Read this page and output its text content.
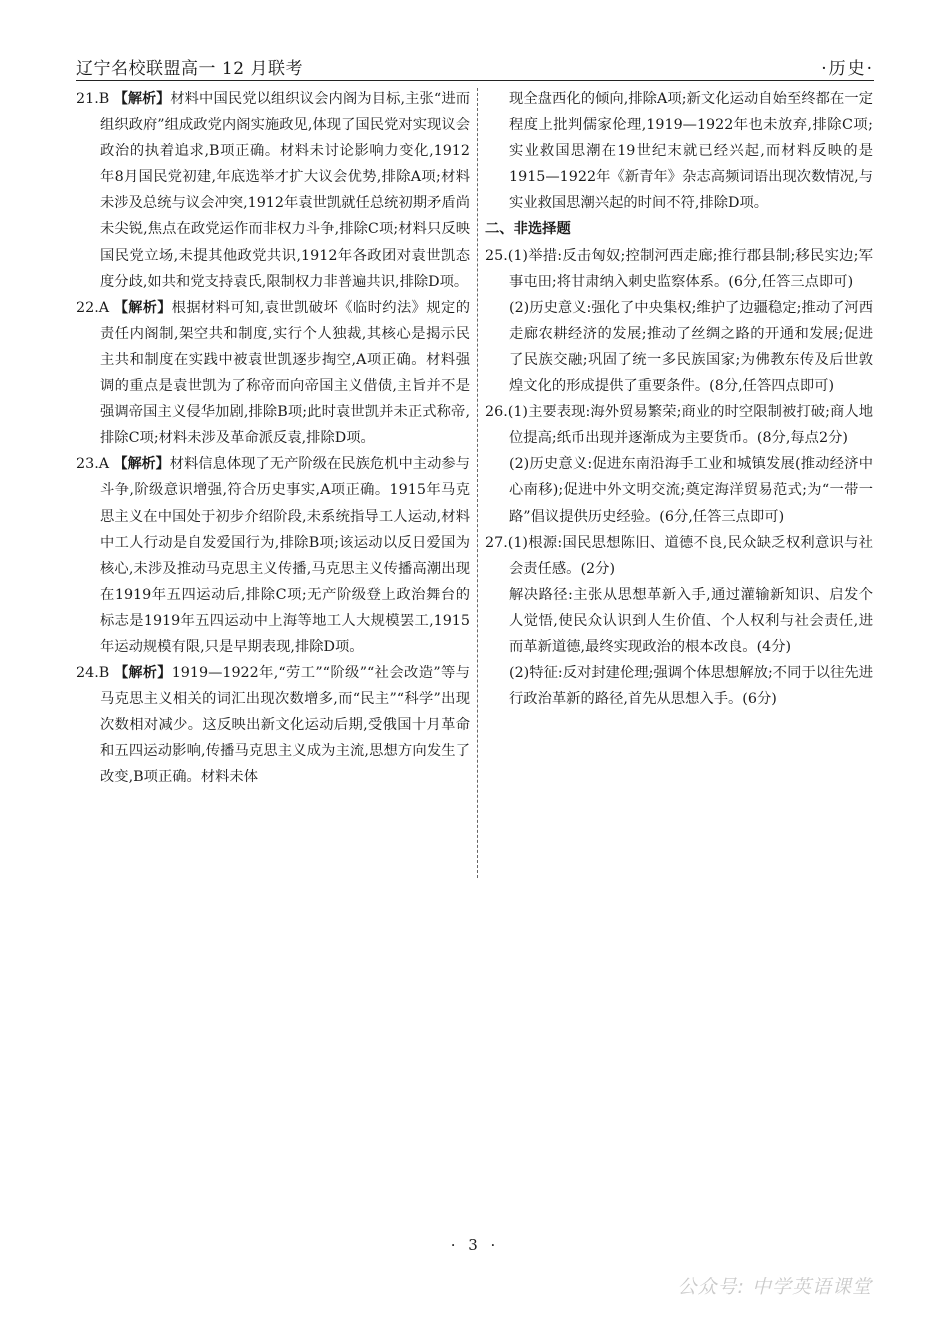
辽宁名校联盟高一 12 月联考	·历史·

21.B 【解析】材料中国民党以组织议会内阁为目标,主张“进而组织政府”组成政党内阁实施政见,体现了国民党对实现议会政治的执着追求,B项正确。材料未讨论影响力变化,1912年8月国民党初建,年底选举才扩大议会优势,排除A项;材料未涉及总统与议会冲突,1912年袁世凯就任总统初期矛盾尚未尖锐,焦点在政党运作而非权力斗争,排除C项;材料只反映国民党立场,未提其他政党共识,1912年各政团对袁世凯态度分歧,如共和党支持袁氏,限制权力非普遍共识,排除D项。

22.A 【解析】根据材料可知,袁世凯破坏《临时约法》规定的责任内阁制,架空共和制度,实行个人独裁,其核心是揭示民主共和制度在实践中被袁世凯逐步掏空,A项正确。材料强调的重点是袁世凯为了称帝而向帝国主义借债,主旨并不是强调帝国主义侵华加剧,排除B项;此时袁世凯并未正式称帝,排除C项;材料未涉及革命派反袁,排除D项。

23.A 【解析】材料信息体现了无产阶级在民族危机中主动参与斗争,阶级意识增强,符合历史事实,A项正确。1915年马克思主义在中国处于初步介绍阶段,未系统指导工人运动,材料中工人行动是自发爱国行为,排除B项;该运动以反日爱国为核心,未涉及推动马克思主义传播,马克思主义传播高潮出现在1919年五四运动后,排除C项;无产阶级登上政治舞台的标志是1919年五四运动中上海等地工人大规模罢工,1915年运动规模有限,只是早期表现,排除D项。

24.B 【解析】1919—1922年,“劳工”“阶级”“社会改造”等与马克思主义相关的词汇出现次数增多,而“民主”“科学”出现次数相对减少。这反映出新文化运动后期,受俄国十月革命和五四运动影响,传播马克思主义成为主流,思想方向发生了改变,B项正确。材料未体

现全盘西化的倾向,排除A项;新文化运动自始至终都在一定程度上批判儒家伦理,1919—1922年也未放弃,排除C项;实业救国思潮在19世纪末就已经兴起,而材料反映的是1915—1922年《新青年》杂志高频词语出现次数情况,与实业救国思潮兴起的时间不符,排除D项。

二、非选择题

25.(1)举措:反击匈奴;控制河西走廊;推行郡县制;移民实边;军事屯田;将甘肃纳入刺史监察体系。(6分,任答三点即可)

(2)历史意义:强化了中央集权;维护了边疆稳定;推动了河西走廊农耕经济的发展;推动了丝绸之路的开通和发展;促进了民族交融;巩固了统一多民族国家;为佛教东传及后世敦煌文化的形成提供了重要条件。(8分,任答四点即可)

26.(1)主要表现:海外贸易繁荣;商业的时空限制被打破;商人地位提高;纸币出现并逐渐成为主要货币。(8分,每点2分)

(2)历史意义:促进东南沿海手工业和城镇发展(推动经济中心南移);促进中外文明交流;奠定海洋贸易范式;为“一带一路”倡议提供历史经验。(6分,任答三点即可)

27.(1)根源:国民思想陈旧、道德不良,民众缺乏权利意识与社会责任感。(2分)

解决路径:主张从思想革新入手,通过灌输新知识、启发个人觉悟,使民众认识到人生价值、个人权利与社会责任,进而革新道德,最终实现政治的根本改良。(4分)

(2)特征:反对封建伦理;强调个体思想解放;不同于以往先进行政治革新的路径,首先从思想入手。(6分)

· 3 ·
公众号: 中学英语课堂
